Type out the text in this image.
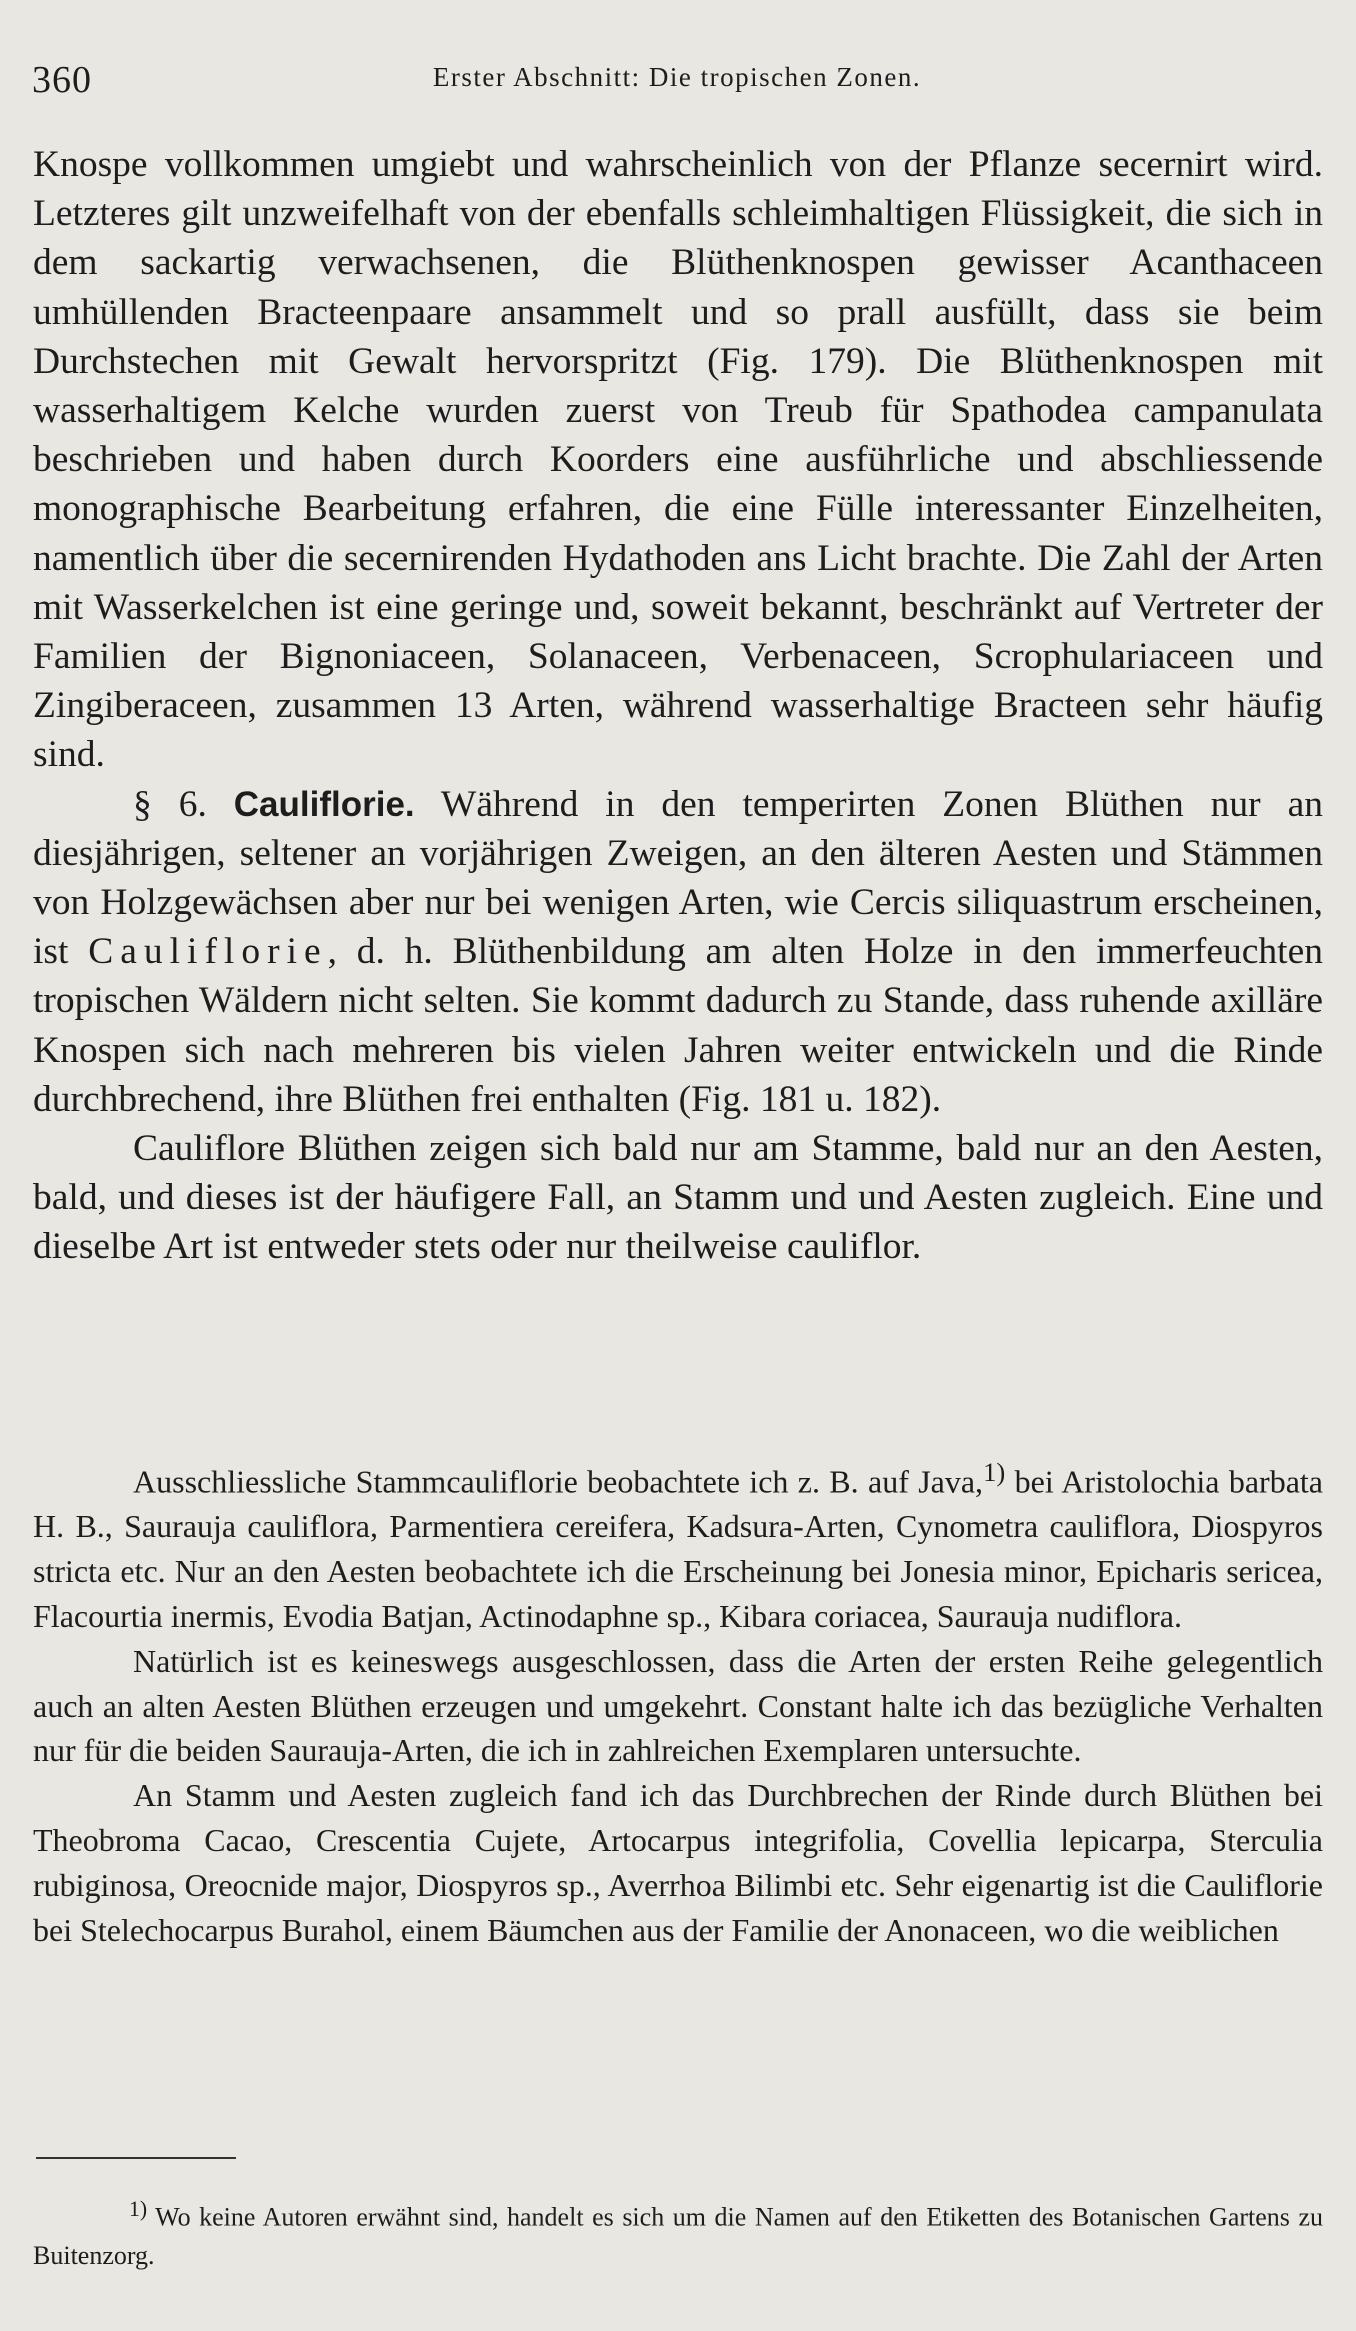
360	Erster Abschnitt: Die tropischen Zonen.

Knospe vollkommen umgiebt und wahrscheinlich von der Pflanze secernirt wird. Letzteres gilt unzweifelhaft von der ebenfalls schleimhaltigen Flüssigkeit, die sich in dem sackartig verwachsenen, die Blüthenknospen gewisser Acanthaceen umhüllenden Bracteenpaare ansammelt und so prall ausfüllt, dass sie beim Durchstechen mit Gewalt hervorspritzt (Fig. 179). Die Blüthenknospen mit wasserhaltigem Kelche wurden zuerst von Treub für Spathodea campanulata beschrieben und haben durch Koorders eine ausführliche und abschliessende monographische Bearbeitung erfahren, die eine Fülle interessanter Einzelheiten, namentlich über die secernirenden Hydathoden ans Licht brachte. Die Zahl der Arten mit Wasserkelchen ist eine geringe und, soweit bekannt, beschränkt auf Vertreter der Familien der Bignoniaceen, Solanaceen, Verbenaceen, Scrophulariaceen und Zingiberaceen, zusammen 13 Arten, während wasserhaltige Bracteen sehr häufig sind.

§ 6. Cauliflorie. Während in den temperirten Zonen Blüthen nur an diesjährigen, seltener an vorjährigen Zweigen, an den älteren Aesten und Stämmen von Holzgewächsen aber nur bei wenigen Arten, wie Cercis siliquastrum erscheinen, ist Cauliflorie, d. h. Blüthenbildung am alten Holze in den immerfeuchten tropischen Wäldern nicht selten. Sie kommt dadurch zu Stande, dass ruhende axilläre Knospen sich nach mehreren bis vielen Jahren weiter entwickeln und die Rinde durchbrechend, ihre Blüthen frei enthalten (Fig. 181 u. 182).

Cauliflore Blüthen zeigen sich bald nur am Stamme, bald nur an den Aesten, bald, und dieses ist der häufigere Fall, an Stamm und und Aesten zugleich. Eine und dieselbe Art ist entweder stets oder nur theilweise cauliflor.

Ausschliessliche Stammcauliflorie beobachtete ich z. B. auf Java,$^{1)}$ bei Aristolochia barbata H. B., Saurauja cauliflora, Parmentiera cereifera, Kadsura-Arten, Cynometra cauliflora, Diospyros stricta etc. Nur an den Aesten beobachtete ich die Erscheinung bei Jonesia minor, Epicharis sericea, Flacourtia inermis, Evodia Batjan, Actinodaphne sp., Kibara coriacea, Saurauja nudiflora.

Natürlich ist es keineswegs ausgeschlossen, dass die Arten der ersten Reihe gelegentlich auch an alten Aesten Blüthen erzeugen und umgekehrt. Constant halte ich das bezügliche Verhalten nur für die beiden Saurauja-Arten, die ich in zahlreichen Exemplaren untersuchte.

An Stamm und Aesten zugleich fand ich das Durchbrechen der Rinde durch Blüthen bei Theobroma Cacao, Crescentia Cujete, Artocarpus integrifolia, Covellia lepicarpa, Sterculia rubiginosa, Oreocnide major, Diospyros sp., Averrhoa Bilimbi etc. Sehr eigenartig ist die Cauliflorie bei Stelechocarpus Burahol, einem Bäumchen aus der Familie der Anonaceen, wo die weiblichen

$^{1)}$ Wo keine Autoren erwähnt sind, handelt es sich um die Namen auf den Etiketten des Botanischen Gartens zu Buitenzorg.
